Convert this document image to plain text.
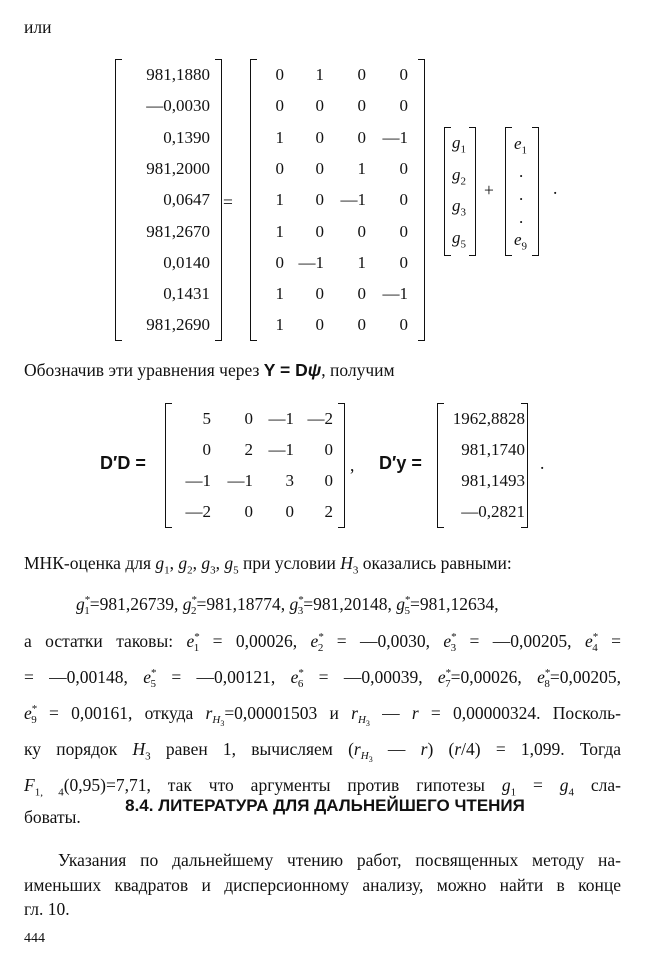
или
981,1880
—0,0030
0,1390
981,2000
0,0647
981,2670
0,0140
0,1431
981,2690
=
0 1 0 0
0 0 0 0
1 0 0 —1
0 0 1 0
1 0 —1 0
1 0 0 0
0 —1 1 0
1 0 0 —1
1 0 0 0
$g_1$
$g_2$
$g_3$
$g_5$
+
$e_1$
.
.
.
$e_9$
.
Обозначив эти уравнения через Y = Dψ, получим
D′D =
5 0 —1 —2
0 2 —1 0
—1 —1 3 0
—2 0 0 2
, D′y =
1962,8828
981,1740
981,1493
—0,2821
.
МНК-оценка для $g_1$, $g_2$, $g_3$, $g_5$ при условии $H_3$ оказались равными:
$g^*_1=981,26739$, $g^*_2=981,18774$, $g^*_3=981,20148$, $g^*_5=981,12634$,
а остатки таковы: $e^*_1 = 0,00026$, $e^*_2$ = —0,0030, $e^*_3$ = —0,00205, $e^*_4$ =
= —0,00148, $e^*_5$ = —0,00121, $e^*_6$ = —0,00039, $e^*_7=0,00026$, $e^*_8=0,00205$,
$e^*_9 = 0,00161$, откуда $r_{H_3}=0,00001503$ и $r_{H_3}$ — r = 0,00000324. Посколь-
ку порядок $H_3$ равен 1, вычисляем ($r_{H_3}$ — r) (r/4) = 1,099. Тогда
$F_{1, 4}(0,95)=7,71$, так что аргументы против гипотезы $g_1 = g_4$ сла-
боваты.
8.4. ЛИТЕРАТУРА ДЛЯ ДАЛЬНЕЙШЕГО ЧТЕНИЯ
Указания по дальнейшему чтению работ, посвященных методу на-
именьших квадратов и дисперсионному анализу, можно найти в конце
гл. 10.
444
